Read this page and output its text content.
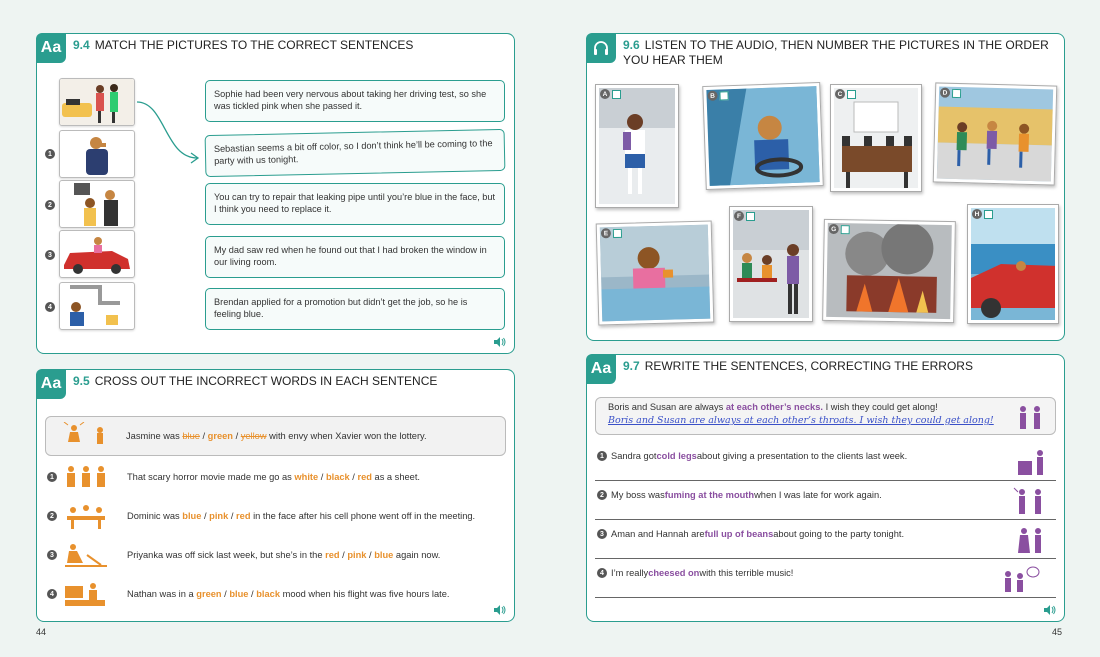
Aa 9.4 MATCH THE PICTURES TO THE CORRECT SENTENCES
1
2
3
4
Sophie had been very nervous about taking her driving test, so she was tickled pink when she passed it.
Sebastian seems a bit off color, so I don’t think he’ll be coming to the party with us tonight.
You can try to repair that leaking pipe until you’re blue in the face, but I think you need to replace it.
My dad saw red when he found out that I had broken the window in our living room.
Brendan applied for a promotion but didn’t get the job, so he is feeling blue.
Aa 9.5 CROSS OUT THE INCORRECT WORDS IN EACH SENTENCE
Jasmine was blue / green / yellow with envy when Xavier won the lottery.
1	That scary horror movie made me go as white / black / red as a sheet.
2	Dominic was blue / pink / red in the face after his cell phone went off in the meeting.
3	Priyanka was off sick last week, but she’s in the red / pink / blue again now.
4	Nathan was in a green / blue / black mood when his flight was five hours late.
44
9.6 LISTEN TO THE AUDIO, THEN NUMBER THE PICTURES IN THE ORDER YOU HEAR THEM
A	B	C	D
E
F
G
H
Aa 9.7 REWRITE THE SENTENCES, CORRECTING THE ERRORS
Boris and Susan are always at each other’s necks. I wish they could get along!
Boris and Susan are always at each other’s throats. I wish they could get along!
1 Sandra got cold legs about giving a presentation to the clients last week.
2 My boss was fuming at the mouth when I was late for work again.
3 Aman and Hannah are full up of beans about going to the party tonight.
4 I’m really cheesed on with this terrible music!
45
